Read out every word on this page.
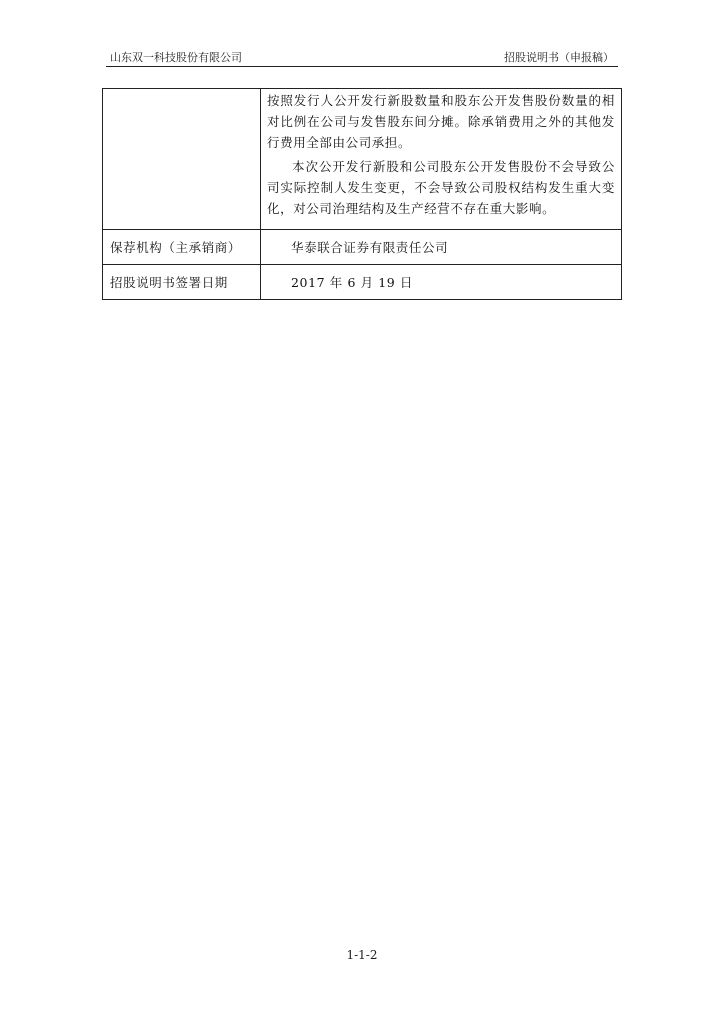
山东双一科技股份有限公司	招股说明书（申报稿）

	按照发行人公开发行新股数量和股东公开发售股份数量的相对比例在公司与发售股东间分摊。除承销费用之外的其他发行费用全部由公司承担。

本次公开发行新股和公司股东公开发售股份不会导致公司实际控制人发生变更，不会导致公司股权结构发生重大变化，对公司治理结构及生产经营不存在重大影响。

保荐机构（主承销商）	华泰联合证券有限责任公司
招股说明书签署日期	2017 年 6 月 19 日
1-1-2
